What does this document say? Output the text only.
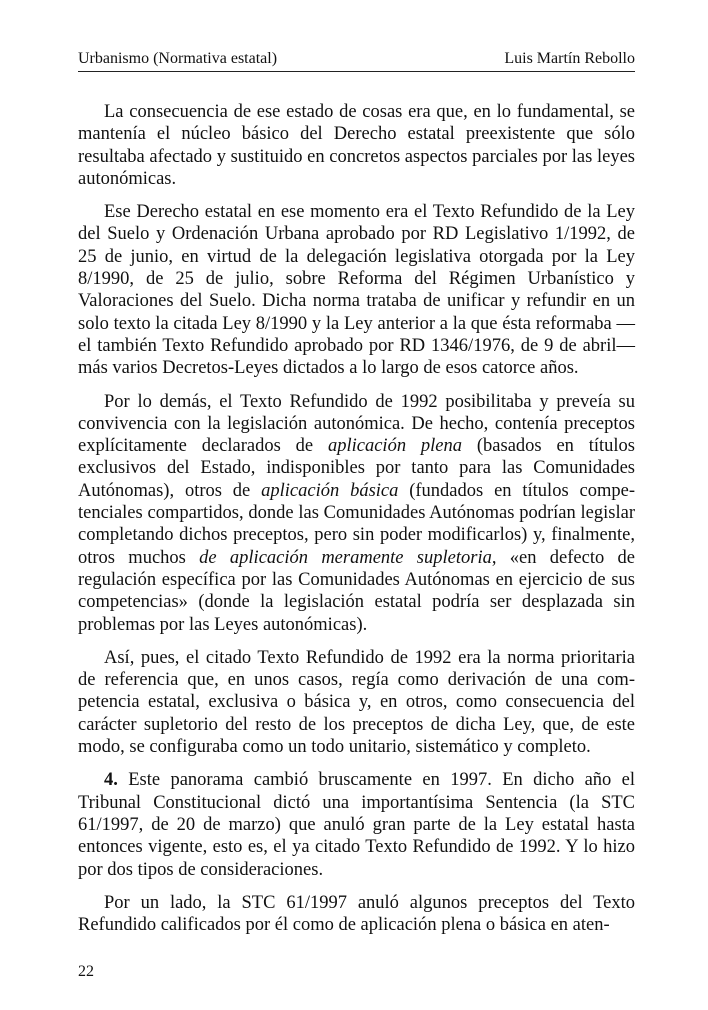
Urbanismo (Normativa estatal)	Luis Martín Rebollo

La consecuencia de ese estado de cosas era que, en lo fundamental, se mantenía el núcleo básico del Derecho estatal preexistente que sólo resultaba afectado y sustituido en concretos aspectos parciales por las leyes autonómicas.

Ese Derecho estatal en ese momento era el Texto Refundido de la Ley del Suelo y Ordenación Urbana aprobado por RD Legislativo 1/1992, de 25 de junio, en virtud de la delegación legislativa otorgada por la Ley 8/1990, de 25 de julio, sobre Reforma del Régimen Urbanístico y Valoraciones del Suelo. Dicha norma trataba de unificar y refundir en un solo texto la citada Ley 8/1990 y la Ley anterior a la que ésta reformaba —el también Texto Refundido aprobado por RD 1346/1976, de 9 de abril— más varios Decretos-Leyes dictados a lo largo de esos catorce años.

Por lo demás, el Texto Refundido de 1992 posibilitaba y preveía su convivencia con la legislación autonómica. De hecho, contenía preceptos explícitamente declarados de aplicación plena (basados en títulos exclusivos del Estado, indisponibles por tanto para las Comunidades Autónomas), otros de aplicación básica (fundados en títulos competenciales compartidos, donde las Comunidades Autónomas podrían legislar completando dichos preceptos, pero sin poder modificarlos) y, finalmente, otros muchos de aplicación meramente supletoria, «en defecto de regulación específica por las Comunidades Autónomas en ejercicio de sus competencias» (donde la legislación estatal podría ser desplazada sin problemas por las Leyes autonómicas).

Así, pues, el citado Texto Refundido de 1992 era la norma prioritaria de referencia que, en unos casos, regía como derivación de una competencia estatal, exclusiva o básica y, en otros, como consecuencia del carácter supletorio del resto de los preceptos de dicha Ley, que, de este modo, se configuraba como un todo unitario, sistemático y completo.

4. Este panorama cambió bruscamente en 1997. En dicho año el Tribunal Constitucional dictó una importantísima Sentencia (la STC 61/1997, de 20 de marzo) que anuló gran parte de la Ley estatal hasta entonces vigente, esto es, el ya citado Texto Refundido de 1992. Y lo hizo por dos tipos de consideraciones.

Por un lado, la STC 61/1997 anuló algunos preceptos del Texto Refundido calificados por él como de aplicación plena o básica en aten-

22
